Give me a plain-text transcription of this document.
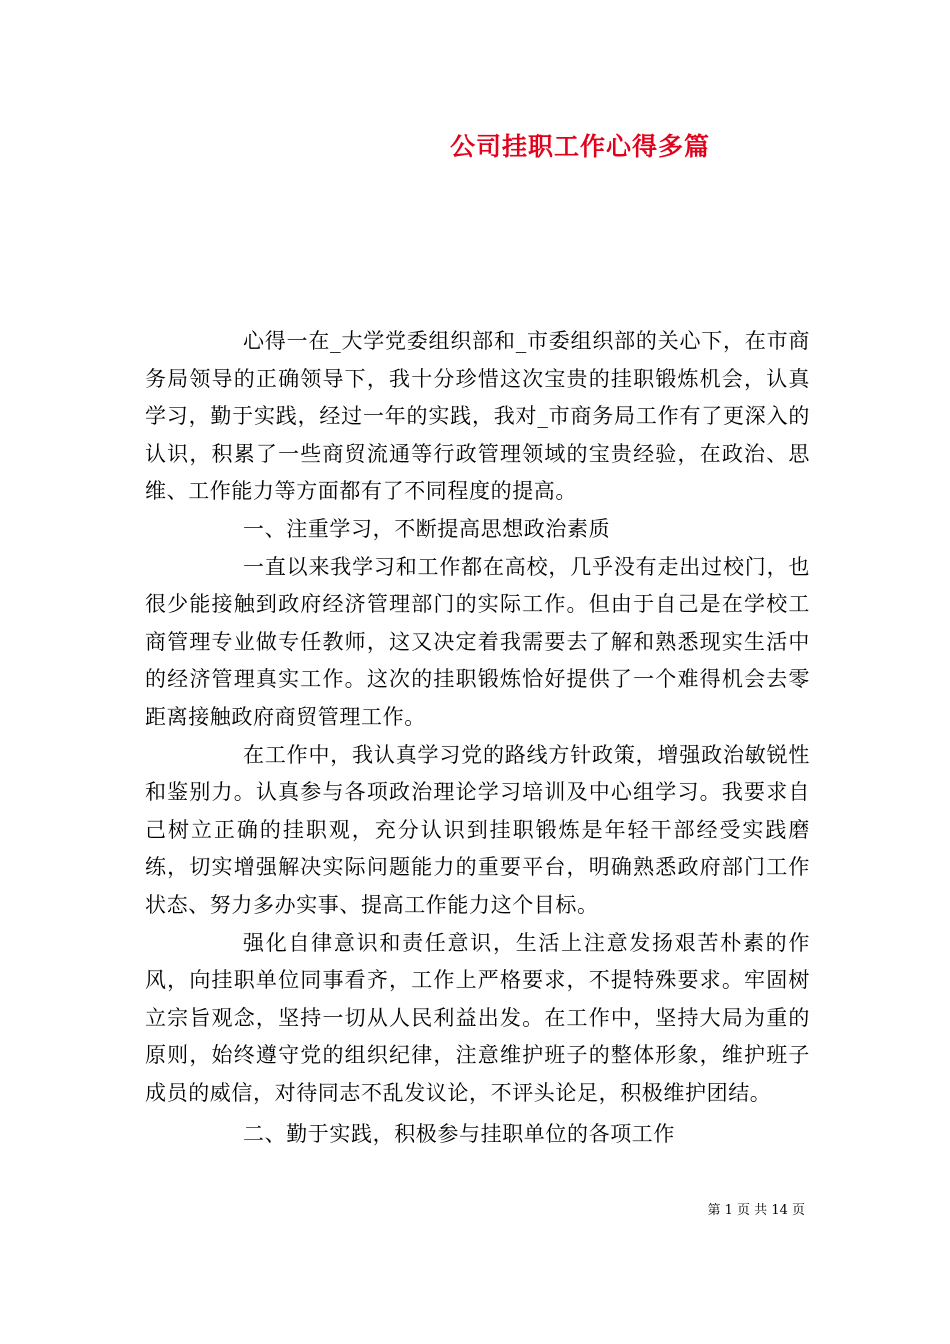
公司挂职工作心得多篇

心得一在_大学党委组织部和_市委组织部的关心下，在市商务局领导的正确领导下，我十分珍惜这次宝贵的挂职锻炼机会，认真学习，勤于实践，经过一年的实践，我对_市商务局工作有了更深入的认识，积累了一些商贸流通等行政管理领域的宝贵经验，在政治、思维、工作能力等方面都有了不同程度的提高。

一、注重学习，不断提高思想政治素质

一直以来我学习和工作都在高校，几乎没有走出过校门，也很少能接触到政府经济管理部门的实际工作。但由于自己是在学校工商管理专业做专任教师，这又决定着我需要去了解和熟悉现实生活中的经济管理真实工作。这次的挂职锻炼恰好提供了一个难得机会去零距离接触政府商贸管理工作。

在工作中，我认真学习党的路线方针政策，增强政治敏锐性和鉴别力。认真参与各项政治理论学习培训及中心组学习。我要求自己树立正确的挂职观，充分认识到挂职锻炼是年轻干部经受实践磨练，切实增强解决实际问题能力的重要平台，明确熟悉政府部门工作状态、努力多办实事、提高工作能力这个目标。

强化自律意识和责任意识，生活上注意发扬艰苦朴素的作风，向挂职单位同事看齐，工作上严格要求，不提特殊要求。牢固树立宗旨观念，坚持一切从人民利益出发。在工作中，坚持大局为重的原则，始终遵守党的组织纪律，注意维护班子的整体形象，维护班子成员的威信，对待同志不乱发议论，不评头论足，积极维护团结。

二、勤于实践，积极参与挂职单位的各项工作

第 1 页 共 14 页
